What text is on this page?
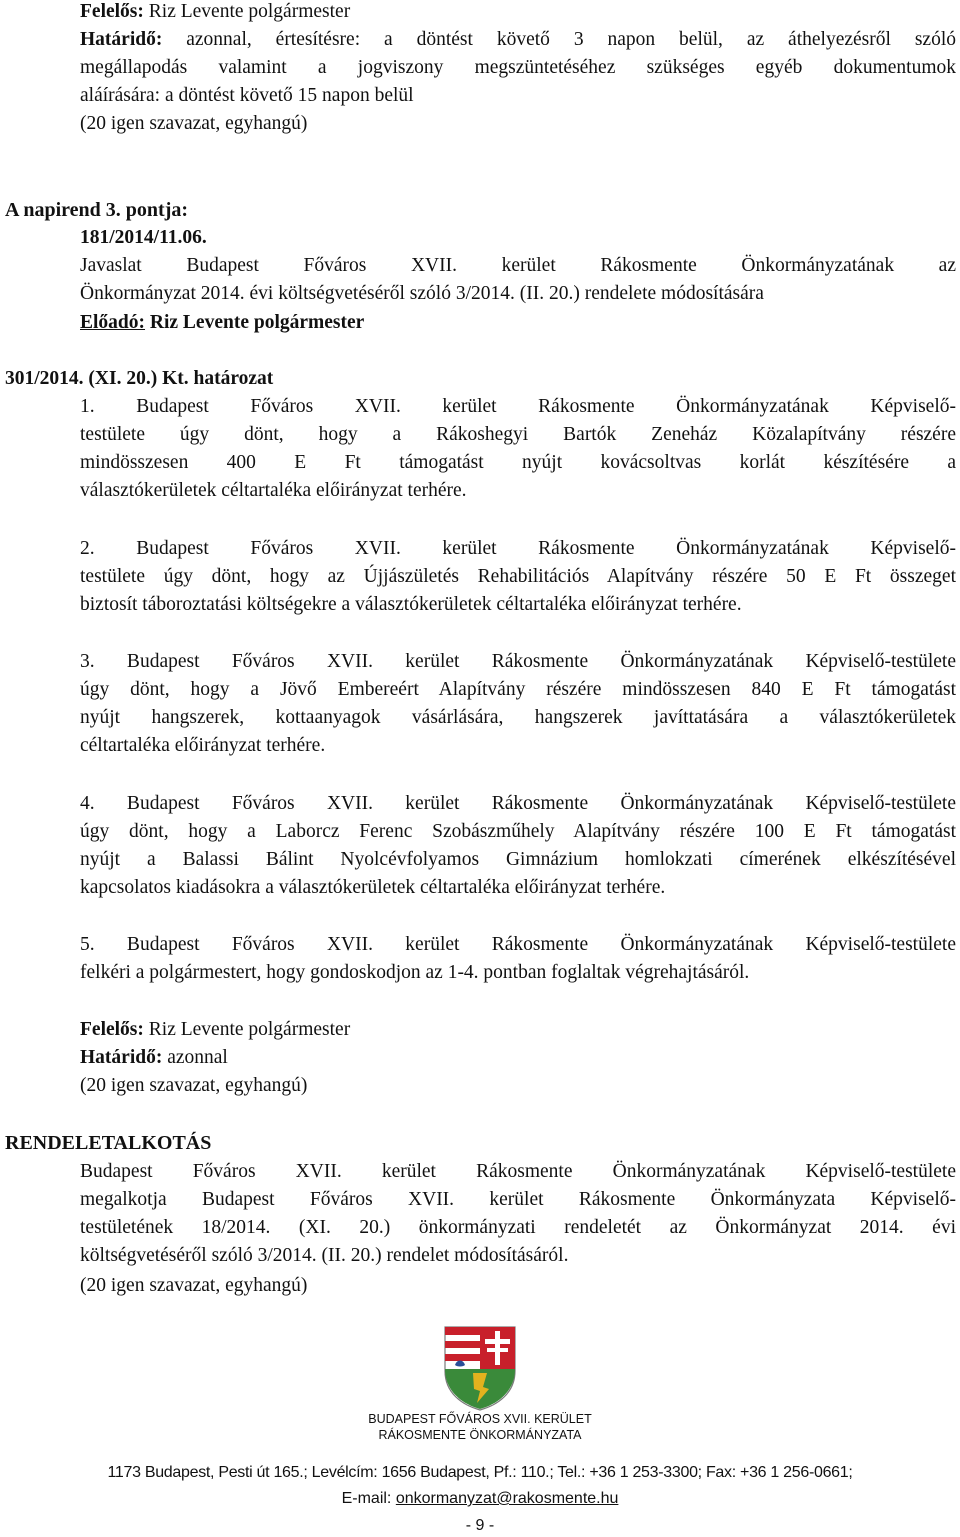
Felelős: Riz Levente polgármester
Határidő: azonnal, értesítésre: a döntést követő 3 napon belül, az áthelyezésről szóló
megállapodás valamint a jogviszony megszüntetéséhez szükséges egyéb dokumentumok
aláírására: a döntést követő 15 napon belül
(20 igen szavazat, egyhangú)
A napirend 3. pontja:
181/2014/11.06.
Javaslat Budapest Főváros XVII. kerület Rákosmente Önkormányzatának az
Önkormányzat 2014. évi költségvetéséről szóló 3/2014. (II. 20.) rendelete módosítására
Előadó: Riz Levente polgármester
301/2014. (XI. 20.) Kt. határozat
1. Budapest Főváros XVII. kerület Rákosmente Önkormányzatának Képviselő-
testülete úgy dönt, hogy a Rákoshegyi Bartók Zeneház Közalapítvány részére
mindösszesen 400 E Ft támogatást nyújt kovácsoltvas korlát készítésére a
választókerületek céltartaléka előirányzat terhére.
2. Budapest Főváros XVII. kerület Rákosmente Önkormányzatának Képviselő-
testülete úgy dönt, hogy az Újjászületés Rehabilitációs Alapítvány részére 50 E Ft összeget
biztosít táboroztatási költségekre a választókerületek céltartaléka előirányzat terhére.
3. Budapest Főváros XVII. kerület Rákosmente Önkormányzatának Képviselő-testülete
úgy dönt, hogy a Jövő Embereért Alapítvány részére mindösszesen 840 E Ft támogatást
nyújt hangszerek, kottaanyagok vásárlására, hangszerek javíttatására a választókerületek
céltartaléka előirányzat terhére.
4. Budapest Főváros XVII. kerület Rákosmente Önkormányzatának Képviselő-testülete
úgy dönt, hogy a Laborcz Ferenc Szobászműhely Alapítvány részére 100 E Ft támogatást
nyújt a Balassi Bálint Nyolcévfolyamos Gimnázium homlokzati címerének elkészítésével
kapcsolatos kiadásokra a választókerületek céltartaléka előirányzat terhére.
5. Budapest Főváros XVII. kerület Rákosmente Önkormányzatának Képviselő-testülete
felkéri a polgármestert, hogy gondoskodjon az 1-4. pontban foglaltak végrehajtásáról.
Felelős: Riz Levente polgármester
Határidő: azonnal
(20 igen szavazat, egyhangú)
RENDELETALKOTÁS
Budapest Főváros XVII. kerület Rákosmente Önkormányzatának Képviselő-testülete
megalkotja Budapest Főváros XVII. kerület Rákosmente Önkormányzata Képviselő-
testületének 18/2014. (XI. 20.) önkormányzati rendeletét az Önkormányzat 2014. évi
költségvetéséről szóló 3/2014. (II. 20.) rendelet módosításáról.
(20 igen szavazat, egyhangú)
BUDAPEST FŐVÁROS XVII. KERÜLET
RÁKOSMENTE ÖNKORMÁNYZATA
1173 Budapest, Pesti út 165.; Levélcím: 1656 Budapest, Pf.: 110.; Tel.: +36 1 253-3300; Fax: +36 1 256-0661;
E-mail: onkormanyzat@rakosmente.hu
- 9 -
